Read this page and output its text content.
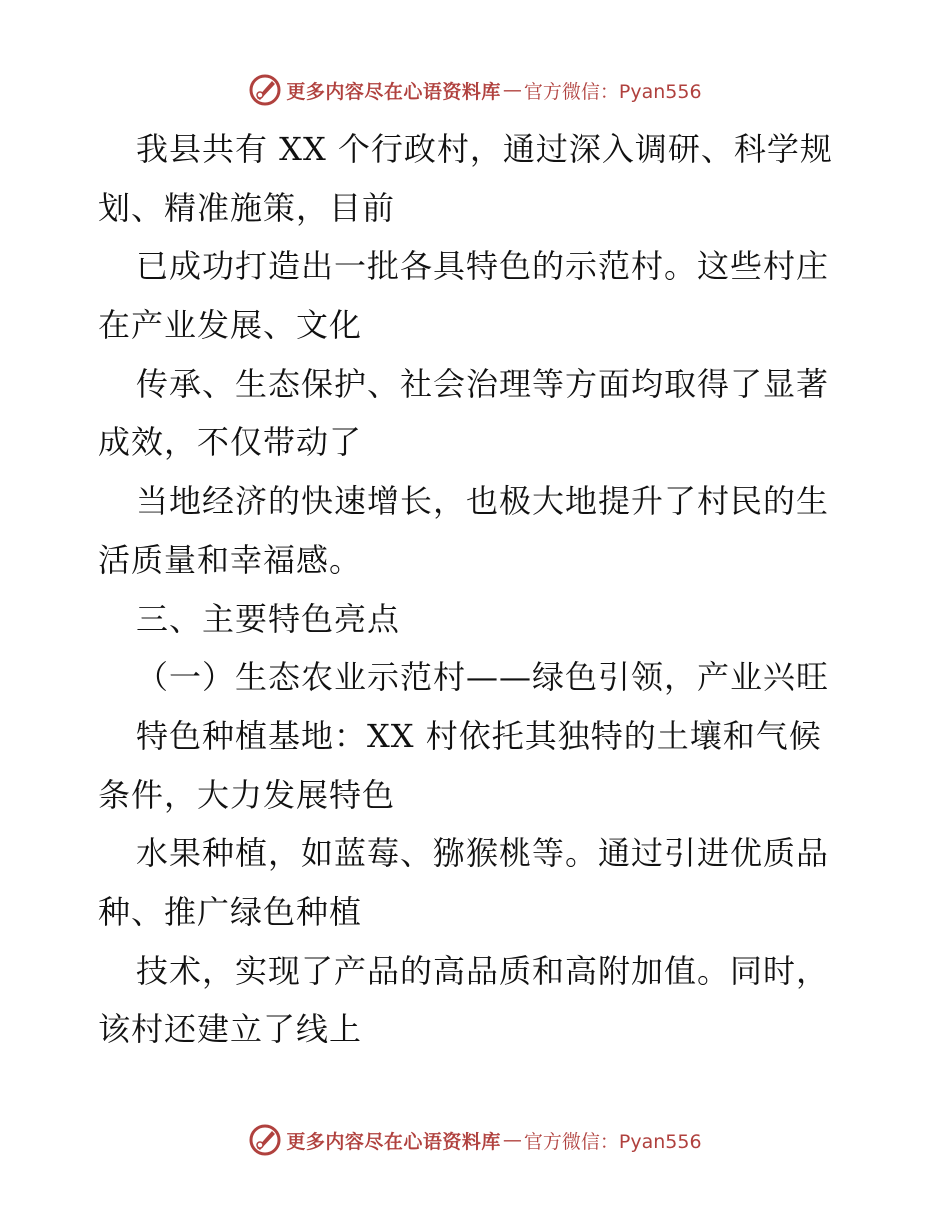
更多内容尽在心语资料库 — 官方微信：Pyan556
我县共有 XX 个行政村，通过深入调研、科学规
划、精准施策，目前
已成功打造出一批各具特色的示范村。这些村庄
在产业发展、文化
传承、生态保护、社会治理等方面均取得了显著
成效，不仅带动了
当地经济的快速增长，也极大地提升了村民的生
活质量和幸福感。
三、主要特色亮点
（一）生态农业示范村——绿色引领，产业兴旺
特色种植基地：XX 村依托其独特的土壤和气候
条件，大力发展特色
水果种植，如蓝莓、猕猴桃等。通过引进优质品
种、推广绿色种植
技术，实现了产品的高品质和高附加值。同时，
该村还建立了线上
更多内容尽在心语资料库 — 官方微信：Pyan556
